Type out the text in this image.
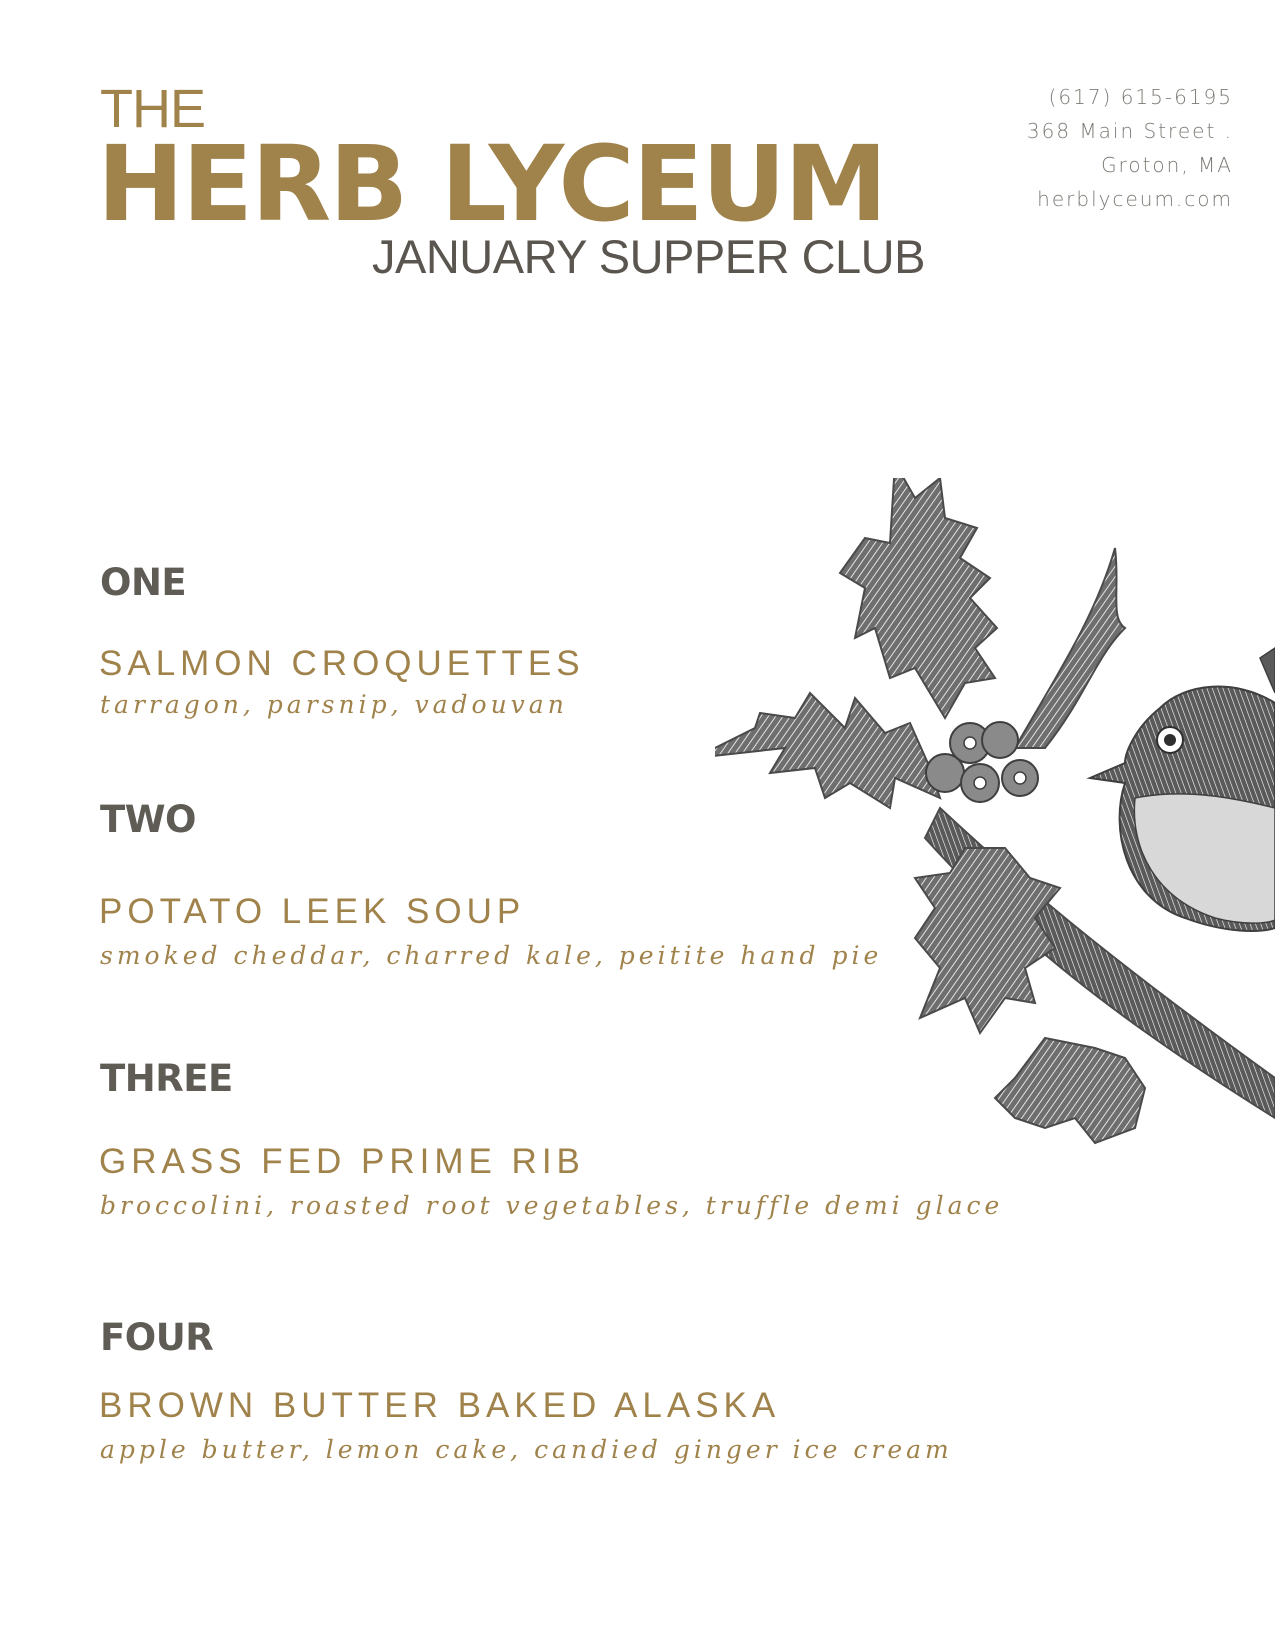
THE
HERB LYCEUM
JANUARY SUPPER CLUB
(617) 615-6195
368 Main Street .
Groton, MA
herblyceum.com
ONE
SALMON CROQUETTES
tarragon, parsnip, vadouvan
TWO
POTATO LEEK SOUP
smoked cheddar, charred kale, peitite hand pie
THREE
GRASS FED PRIME RIB
broccolini, roasted root vegetables, truffle demi glace
FOUR
BROWN BUTTER BAKED ALASKA
apple butter, lemon cake, candied ginger ice cream
